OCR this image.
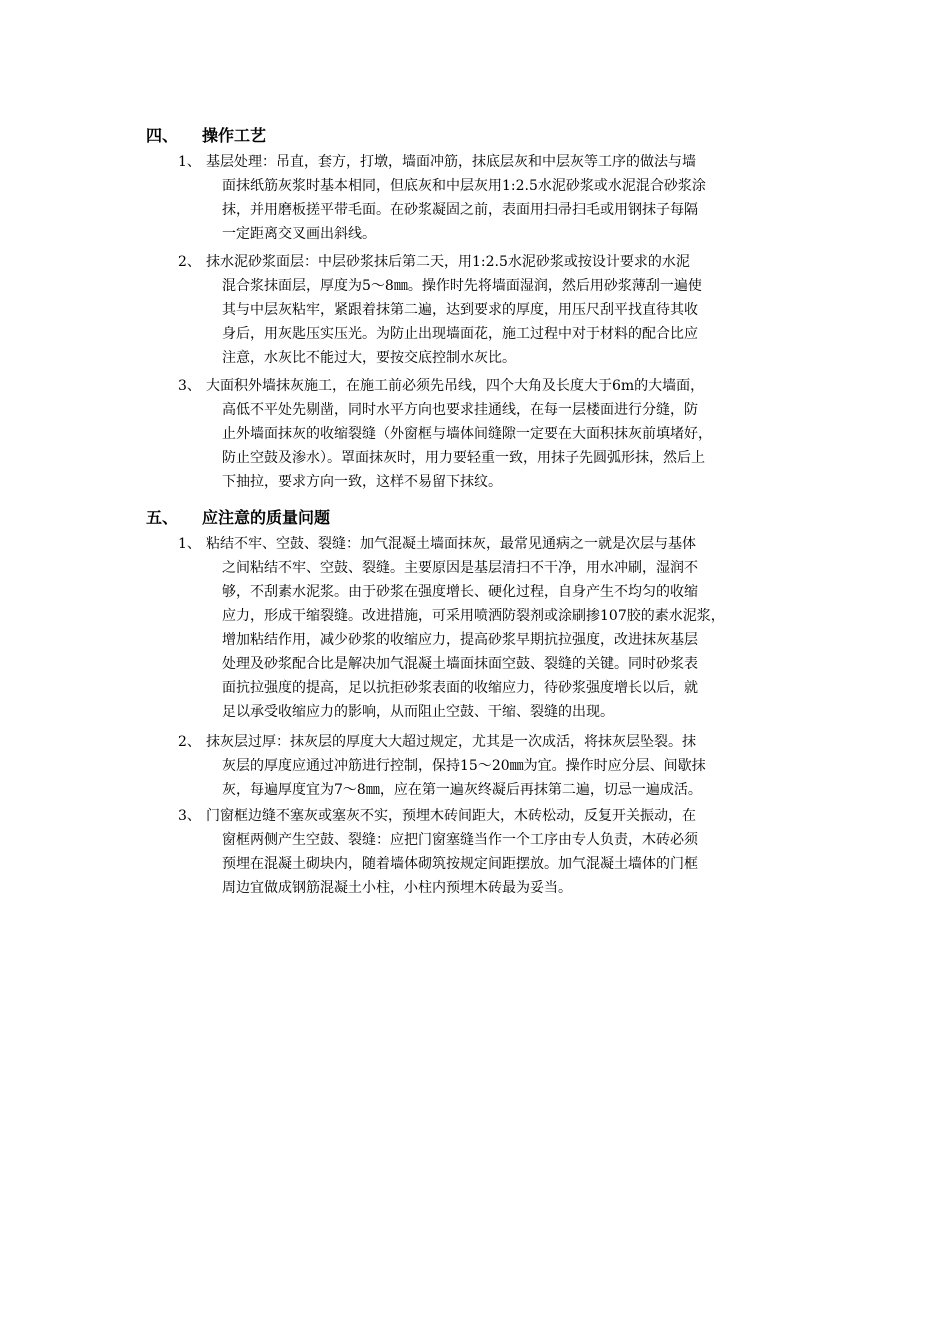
四、 操作工艺
1、 基层处理：吊直，套方，打墩，墙面冲筋，抹底层灰和中层灰等工序的做法与墙
面抹纸筋灰浆时基本相同，但底灰和中层灰用1:2.5水泥砂浆或水泥混合砂浆涂
抹，并用磨板搓平带毛面。在砂浆凝固之前，表面用扫帚扫毛或用钢抹子每隔
一定距离交叉画出斜线。
2、 抹水泥砂浆面层：中层砂浆抹后第二天，用1:2.5水泥砂浆或按设计要求的水泥
混合浆抹面层，厚度为5～8㎜。操作时先将墙面湿润，然后用砂浆薄刮一遍使
其与中层灰粘牢，紧跟着抹第二遍，达到要求的厚度，用压尺刮平找直待其收
身后，用灰匙压实压光。为防止出现墙面花，施工过程中对于材料的配合比应
注意，水灰比不能过大，要按交底控制水灰比。
3、 大面积外墙抹灰施工，在施工前必须先吊线，四个大角及长度大于6m的大墙面，
高低不平处先剔凿，同时水平方向也要求挂通线，在每一层楼面进行分缝，防
止外墙面抹灰的收缩裂缝（外窗框与墙体间缝隙一定要在大面积抹灰前填堵好，
防止空鼓及渗水）。罩面抹灰时，用力要轻重一致，用抹子先圆弧形抹，然后上
下抽拉，要求方向一致，这样不易留下抹纹。
五、 应注意的质量问题
1、 粘结不牢、空鼓、裂缝：加气混凝土墙面抹灰，最常见通病之一就是次层与基体
之间粘结不牢、空鼓、裂缝。主要原因是基层清扫不干净，用水冲刷，湿润不
够，不刮素水泥浆。由于砂浆在强度增长、硬化过程，自身产生不均匀的收缩
应力，形成干缩裂缝。改进措施，可采用喷洒防裂剂或涂刷掺107胶的素水泥浆，
增加粘结作用，减少砂浆的收缩应力，提高砂浆早期抗拉强度，改进抹灰基层
处理及砂浆配合比是解决加气混凝土墙面抹面空鼓、裂缝的关键。同时砂浆表
面抗拉强度的提高，足以抗拒砂浆表面的收缩应力，待砂浆强度增长以后，就
足以承受收缩应力的影响，从而阻止空鼓、干缩、裂缝的出现。
2、 抹灰层过厚：抹灰层的厚度大大超过规定，尤其是一次成活，将抹灰层坠裂。抹
灰层的厚度应通过冲筋进行控制，保持15～20㎜为宜。操作时应分层、间歇抹
灰，每遍厚度宜为7～8㎜，应在第一遍灰终凝后再抹第二遍，切忌一遍成活。
3、 门窗框边缝不塞灰或塞灰不实，预埋木砖间距大，木砖松动，反复开关振动，在
窗框两侧产生空鼓、裂缝：应把门窗塞缝当作一个工序由专人负责，木砖必须
预埋在混凝土砌块内，随着墙体砌筑按规定间距摆放。加气混凝土墙体的门框
周边宜做成钢筋混凝土小柱，小柱内预埋木砖最为妥当。
